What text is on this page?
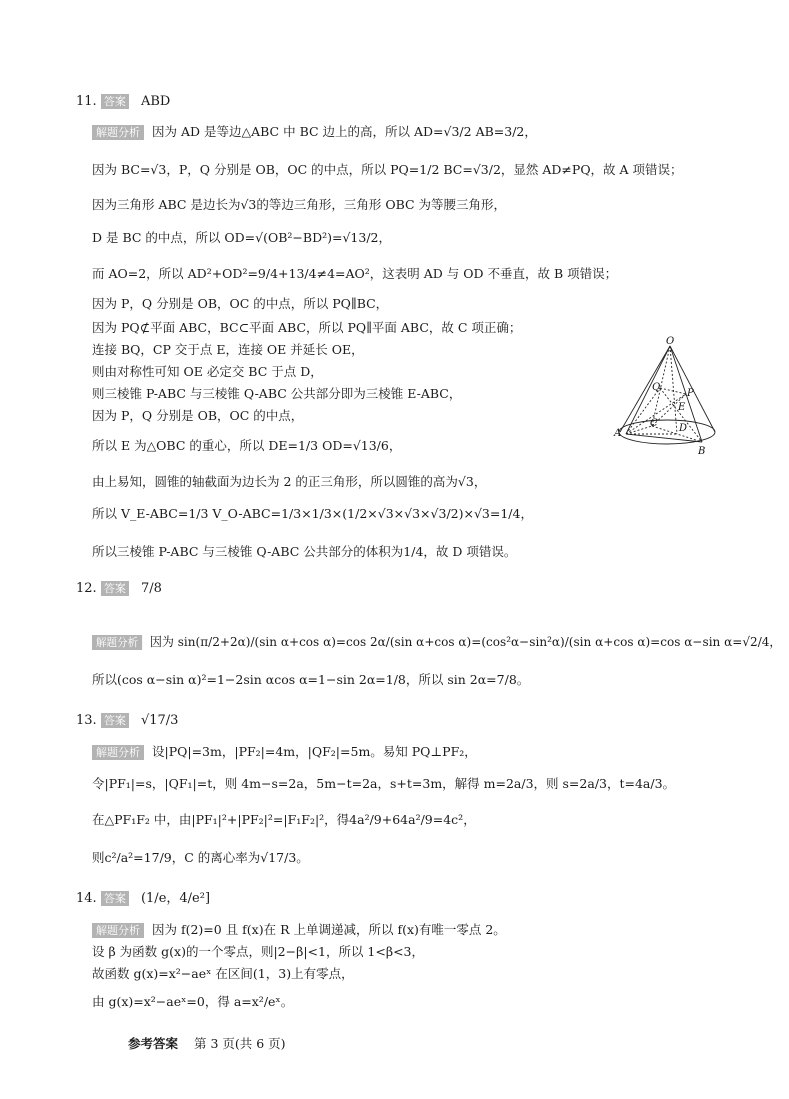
11. 答案 ABD
解题分析 因为 AD 是等边△ABC 中 BC 边上的高，所以 AD=√3/2 AB=3/2，
因为 BC=√3，P，Q 分别是 OB，OC 的中点，所以 PQ=1/2 BC=√3/2，显然 AD≠PQ，故 A 项错误；
因为三角形 ABC 是边长为√3的等边三角形，三角形 OBC 为等腰三角形，
D 是 BC 的中点，所以 OD=√(OB²−BD²)=√13/2，
而 AO=2，所以 AD²+OD²=9/4+13/4≠4=AO²，这表明 AD 与 OD 不垂直，故 B 项错误；
因为 P，Q 分别是 OB，OC 的中点，所以 PQ∥BC，
因为 PQ⊄平面 ABC，BC⊂平面 ABC，所以 PQ∥平面 ABC，故 C 项正确；
连接 BQ，CP 交于点 E，连接 OE 并延长 OE，
则由对称性可知 OE 必定交 BC 于点 D，
则三棱锥 P-ABC 与三棱锥 Q-ABC 公共部分即为三棱锥 E-ABC，
因为 P，Q 分别是 OB，OC 的中点，
所以 E 为△OBC 的重心，所以 DE=1/3 OD=√13/6，
由上易知，圆锥的轴截面为边长为 2 的正三角形，所以圆锥的高为√3，
所以 V_E-ABC=1/3 V_O-ABC=1/3×1/3×(1/2×√3×√3×√3/2)×√3=1/4，
所以三棱锥 P-ABC 与三棱锥 Q-ABC 公共部分的体积为1/4，故 D 项错误。
O
Q
P
E
A
C D
B
12. 答案 7/8
解题分析 因为 sin(π/2+2α)/(sin α+cos α)=cos 2α/(sin α+cos α)=(cos²α−sin²α)/(sin α+cos α)=cos α−sin α=√2/4，
所以(cos α−sin α)²=1−2sin αcos α=1−sin 2α=1/8，所以 sin 2α=7/8。
13. 答案 √17/3
解题分析 设|PQ|=3m，|PF₂|=4m，|QF₂|=5m。易知 PQ⊥PF₂，
令|PF₁|=s，|QF₁|=t，则 4m−s=2a，5m−t=2a，s+t=3m，解得 m=2a/3，则 s=2a/3，t=4a/3。
在△PF₁F₂ 中，由|PF₁|²+|PF₂|²=|F₁F₂|²，得4a²/9+64a²/9=4c²，
则c²/a²=17/9，C 的离心率为√17/3。
14. 答案 (1/e，4/e²]
解题分析 因为 f(2)=0 且 f(x)在 R 上单调递减，所以 f(x)有唯一零点 2。
设 β 为函数 g(x)的一个零点，则|2−β|<1，所以 1<β<3，
故函数 g(x)=x²−aeˣ 在区间(1，3)上有零点，
由 g(x)=x²−aeˣ=0，得 a=x²/eˣ。
参考答案 第 3 页(共 6 页)
